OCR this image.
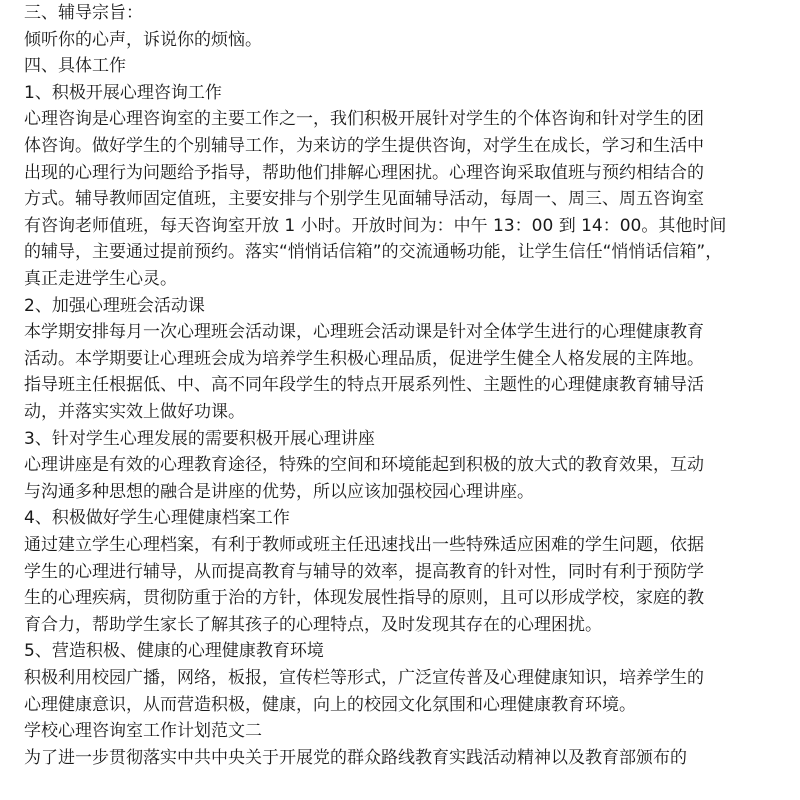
三、辅导宗旨：
倾听你的心声，诉说你的烦恼。
四、具体工作
1、积极开展心理咨询工作
心理咨询是心理咨询室的主要工作之一，我们积极开展针对学生的个体咨询和针对学生的团
体咨询。做好学生的个别辅导工作，为来访的学生提供咨询，对学生在成长，学习和生活中
出现的心理行为问题给予指导，帮助他们排解心理困扰。心理咨询采取值班与预约相结合的
方式。辅导教师固定值班，主要安排与个别学生见面辅导活动，每周一、周三、周五咨询室
有咨询老师值班，每天咨询室开放 1 小时。开放时间为：中午 13：00 到 14：00。其他时间
的辅导，主要通过提前预约。落实“悄悄话信箱”的交流通畅功能，让学生信任“悄悄话信箱”，
真正走进学生心灵。
2、加强心理班会活动课
本学期安排每月一次心理班会活动课，心理班会活动课是针对全体学生进行的心理健康教育
活动。本学期要让心理班会成为培养学生积极心理品质，促进学生健全人格发展的主阵地。
指导班主任根据低、中、高不同年段学生的特点开展系列性、主题性的心理健康教育辅导活
动，并落实实效上做好功课。
3、针对学生心理发展的需要积极开展心理讲座
心理讲座是有效的心理教育途径，特殊的空间和环境能起到积极的放大式的教育效果，互动
与沟通多种思想的融合是讲座的优势，所以应该加强校园心理讲座。
4、积极做好学生心理健康档案工作
通过建立学生心理档案，有利于教师或班主任迅速找出一些特殊适应困难的学生问题，依据
学生的心理进行辅导，从而提高教育与辅导的效率，提高教育的针对性，同时有利于预防学
生的心理疾病，贯彻防重于治的方针，体现发展性指导的原则，且可以形成学校，家庭的教
育合力，帮助学生家长了解其孩子的心理特点，及时发现其存在的心理困扰。
5、营造积极、健康的心理健康教育环境
积极利用校园广播，网络，板报，宣传栏等形式，广泛宣传普及心理健康知识，培养学生的
心理健康意识，从而营造积极，健康，向上的校园文化氛围和心理健康教育环境。
学校心理咨询室工作计划范文二
为了进一步贯彻落实中共中央关于开展党的群众路线教育实践活动精神以及教育部颁布的
